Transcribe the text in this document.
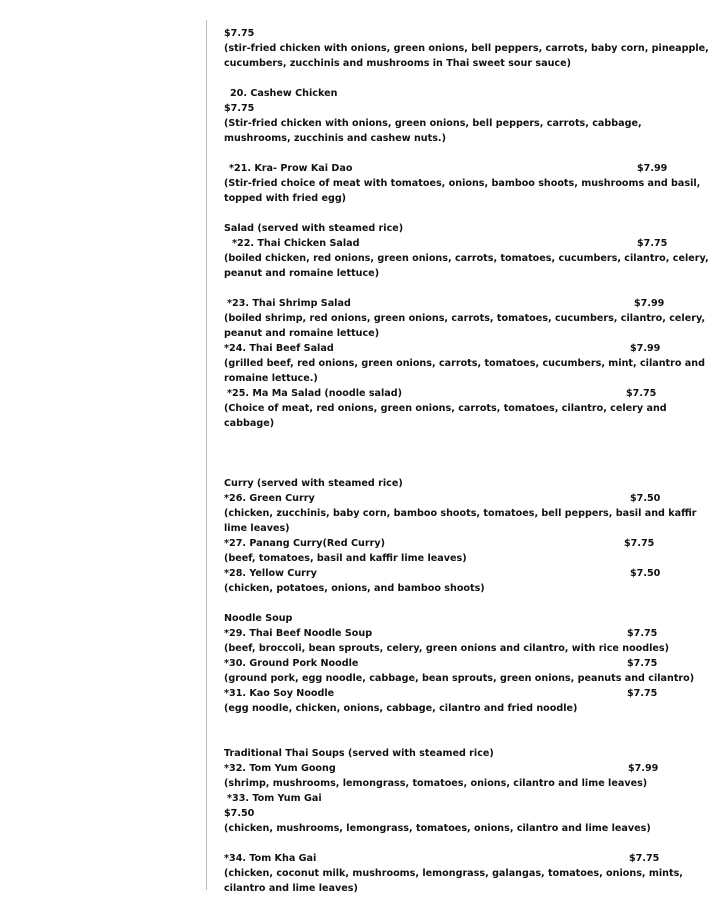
$7.75
(stir-fried chicken with onions, green onions, bell peppers, carrots, baby corn, pineapple,
cucumbers, zucchinis and mushrooms in Thai sweet sour sauce)
20. Cashew Chicken
$7.75
(Stir-fried chicken with onions, green onions, bell peppers, carrots, cabbage,
mushrooms, zucchinis and cashew nuts.)
*21. Kra- Prow Kai Dao	$7.99
(Stir-fried choice of meat with tomatoes, onions, bamboo shoots, mushrooms and basil,
topped with fried egg)
Salad (served with steamed rice)
*22. Thai Chicken Salad	$7.75
(boiled chicken, red onions, green onions, carrots, tomatoes, cucumbers, cilantro, celery,
peanut and romaine lettuce)
*23. Thai Shrimp Salad	$7.99
(boiled shrimp, red onions, green onions, carrots, tomatoes, cucumbers, cilantro, celery,
peanut and romaine lettuce)
*24. Thai Beef Salad	$7.99
(grilled beef, red onions, green onions, carrots, tomatoes, cucumbers, mint, cilantro and
romaine lettuce.)
*25. Ma Ma Salad (noodle salad)	$7.75
(Choice of meat, red onions, green onions, carrots, tomatoes, cilantro, celery and
cabbage)
Curry (served with steamed rice)
*26. Green Curry	$7.50
(chicken, zucchinis, baby corn, bamboo shoots, tomatoes, bell peppers, basil and kaffir
lime leaves)
*27. Panang Curry(Red Curry)	$7.75
(beef, tomatoes, basil and kaffir lime leaves)
*28. Yellow Curry	$7.50
(chicken, potatoes, onions, and bamboo shoots)
Noodle Soup
*29. Thai Beef Noodle Soup	$7.75
(beef, broccoli, bean sprouts, celery, green onions and cilantro, with rice noodles)
*30. Ground Pork Noodle	$7.75
(ground pork, egg noodle, cabbage, bean sprouts, green onions, peanuts and cilantro)
*31. Kao Soy Noodle	$7.75
(egg noodle, chicken, onions, cabbage, cilantro and fried noodle)
Traditional Thai Soups (served with steamed rice)
*32. Tom Yum Goong	$7.99
(shrimp, mushrooms, lemongrass, tomatoes, onions, cilantro and lime leaves)
*33. Tom Yum Gai
$7.50
(chicken, mushrooms, lemongrass, tomatoes, onions, cilantro and lime leaves)
*34. Tom Kha Gai	$7.75
(chicken, coconut milk, mushrooms, lemongrass, galangas, tomatoes, onions, mints,
cilantro and lime leaves)
